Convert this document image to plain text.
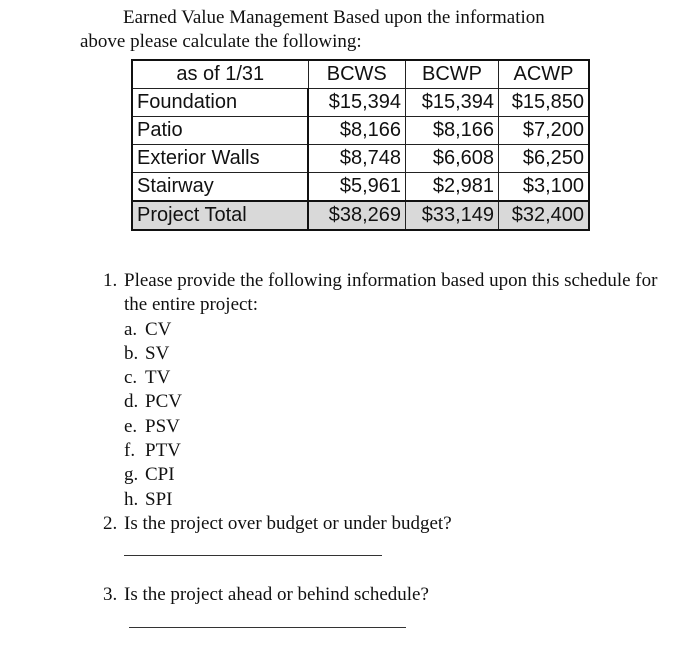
Earned Value Management Based upon the information
above please calculate the following:
as of 1/31	BCWS	BCWP	ACWP
Foundation	$15,394	$15,394	$15,850
Patio	$8,166	$8,166	$7,200
Exterior Walls	$8,748	$6,608	$6,250
Stairway	$5,961	$2,981	$3,100
Project Total	$38,269	$33,149	$32,400
1. Please provide the following information based upon this schedule for the entire project:
a. CV
b. SV
c. TV
d. PCV
e. PSV
f. PTV
g. CPI
h. SPI
2. Is the project over budget or under budget?
3. Is the project ahead or behind schedule?
